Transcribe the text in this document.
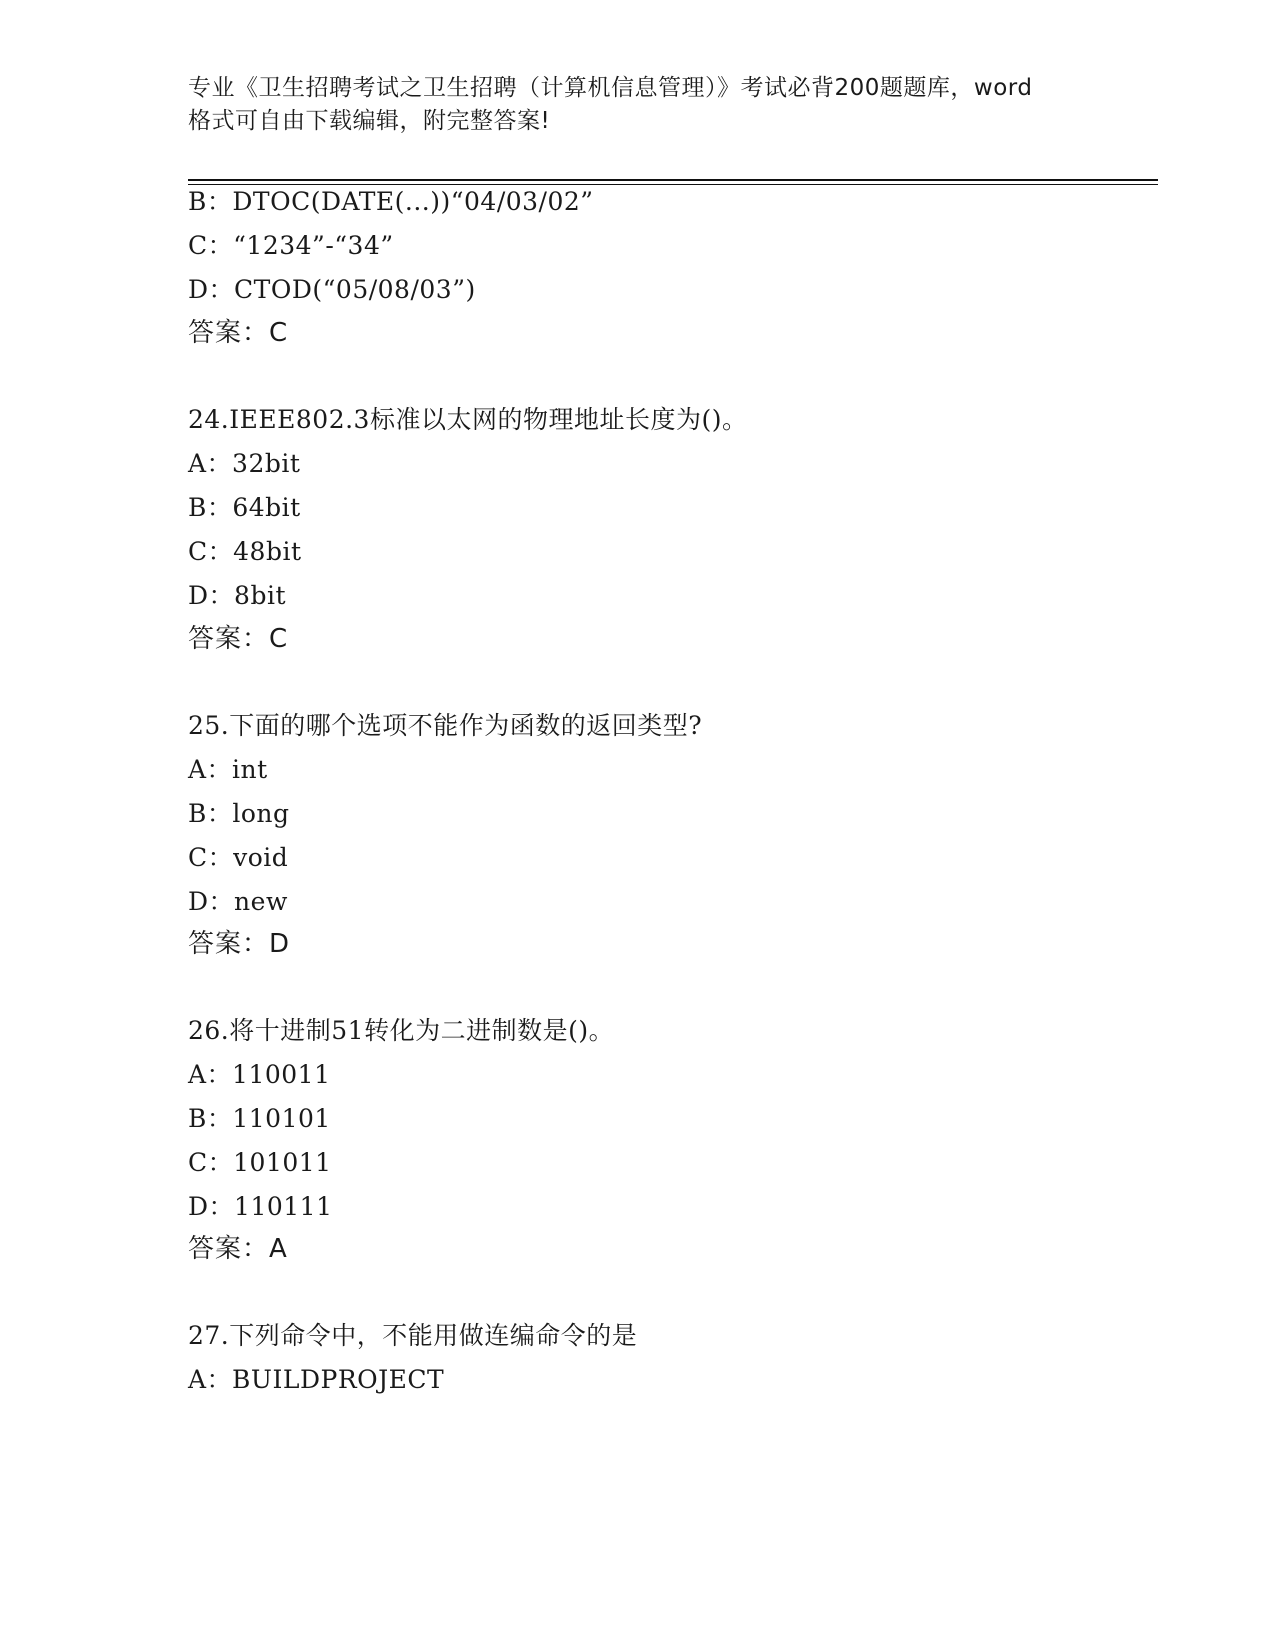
专业《卫生招聘考试之卫生招聘（计算机信息管理）》考试必背200题题库，word
格式可自由下载编辑，附完整答案!
B：DTOC(DATE(...))“04/03/02”
C：“1234”-“34”
D：CTOD(“05/08/03”)
答案：C
24.IEEE802.3标准以太网的物理地址长度为()。
A：32bit
B：64bit
C：48bit
D：8bit
答案：C
25.下面的哪个选项不能作为函数的返回类型?
A：int
B：long
C：void
D：new
答案：D
26.将十进制51转化为二进制数是()。
A：110011
B：110101
C：101011
D：110111
答案：A
27.下列命令中，不能用做连编命令的是
A：BUILDPROJECT
